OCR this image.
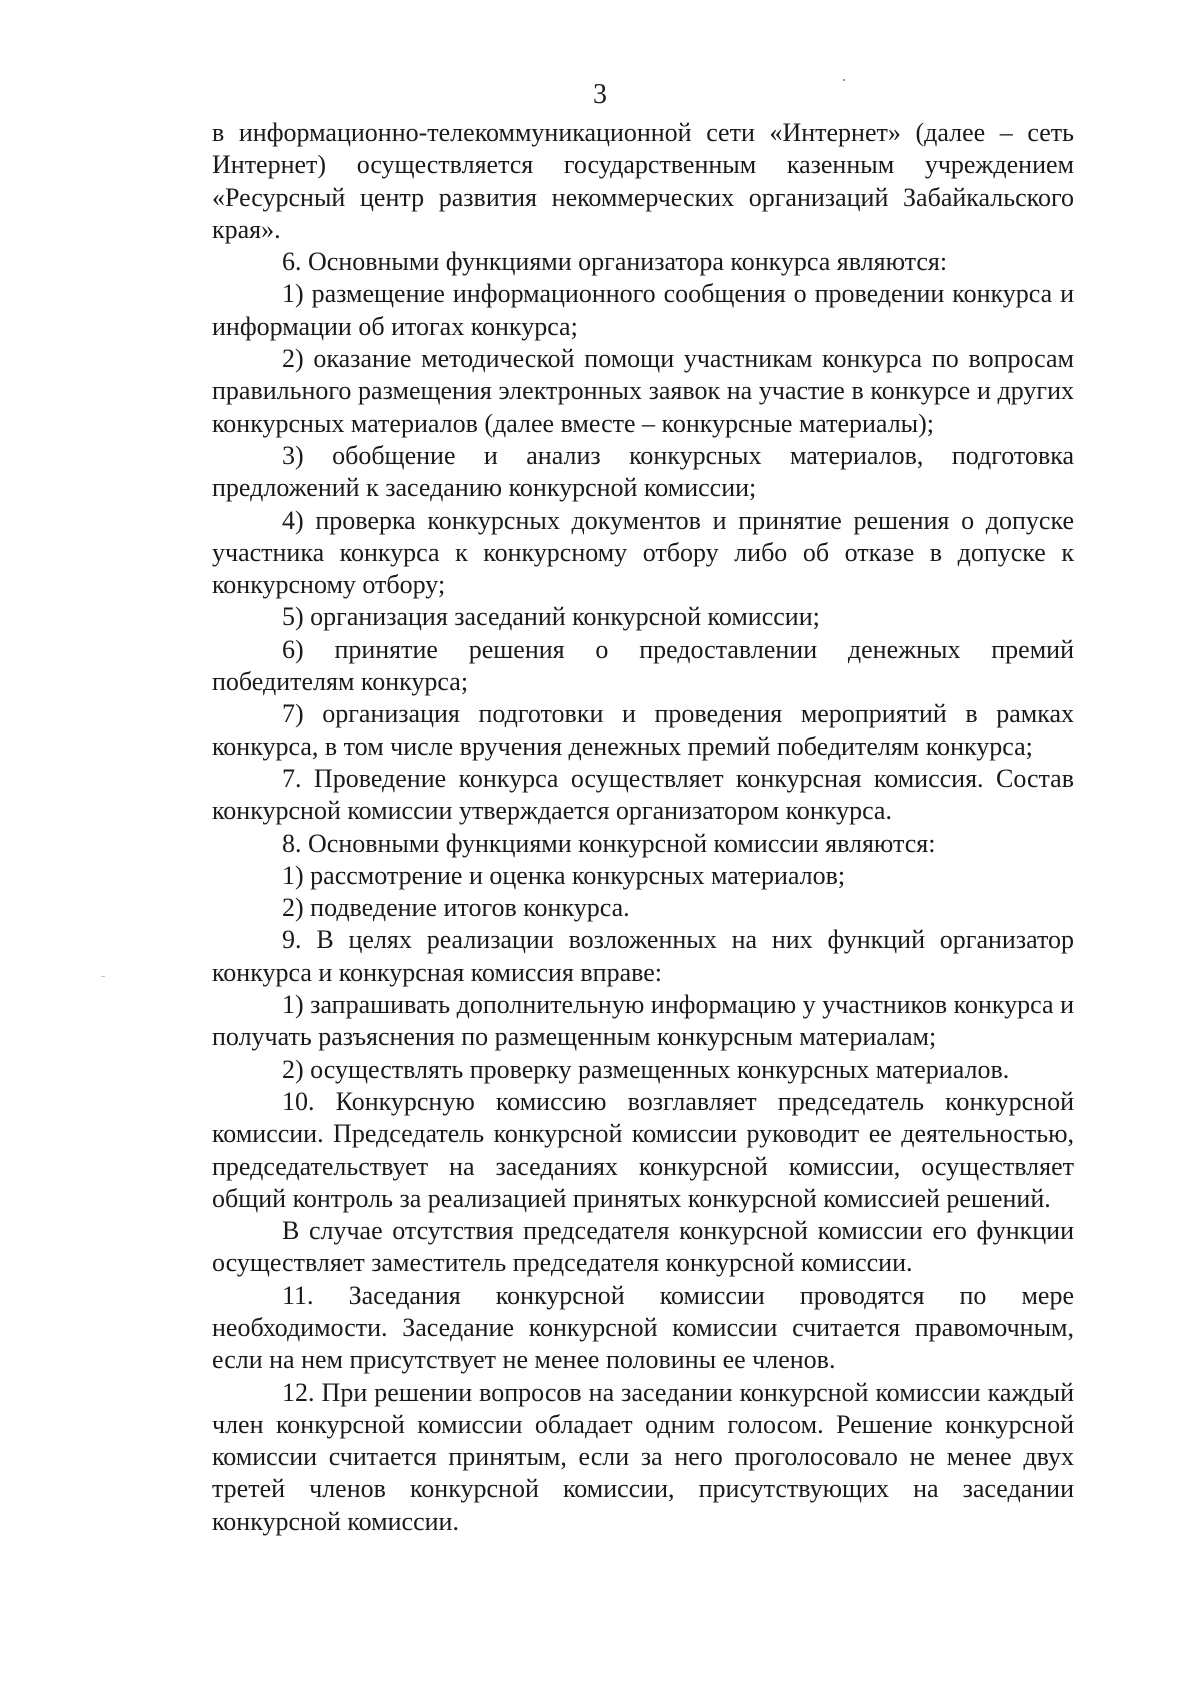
3

в информационно-телекоммуникационной сети «Интернет» (далее – сеть Интернет) осуществляется государственным казенным учреждением «Ресурсный центр развития некоммерческих организаций Забайкальского края».

6. Основными функциями организатора конкурса являются:

1) размещение информационного сообщения о проведении конкурса и информации об итогах конкурса;

2) оказание методической помощи участникам конкурса по вопросам правильного размещения электронных заявок на участие в конкурсе и других конкурсных материалов (далее вместе – конкурсные материалы);

3) обобщение и анализ конкурсных материалов, подготовка предложений к заседанию конкурсной комиссии;

4) проверка конкурсных документов и принятие решения о допуске участника конкурса к конкурсному отбору либо об отказе в допуске к конкурсному отбору;

5) организация заседаний конкурсной комиссии;

6) принятие решения о предоставлении денежных премий победителям конкурса;

7) организация подготовки и проведения мероприятий в рамках конкурса, в том числе вручения денежных премий победителям конкурса;

7. Проведение конкурса осуществляет конкурсная комиссия. Состав конкурсной комиссии утверждается организатором конкурса.

8. Основными функциями конкурсной комиссии являются:

1) рассмотрение и оценка конкурсных материалов;

2) подведение итогов конкурса.

9. В целях реализации возложенных на них функций организатор конкурса и конкурсная комиссия вправе:

1) запрашивать дополнительную информацию у участников конкурса и получать разъяснения по размещенным конкурсным материалам;

2) осуществлять проверку размещенных конкурсных материалов.

10. Конкурсную комиссию возглавляет председатель конкурсной комиссии. Председатель конкурсной комиссии руководит ее деятельностью, председательствует на заседаниях конкурсной комиссии, осуществляет общий контроль за реализацией принятых конкурсной комиссией решений.

В случае отсутствия председателя конкурсной комиссии его функции осуществляет заместитель председателя конкурсной комиссии.

11. Заседания конкурсной комиссии проводятся по мере необходимости. Заседание конкурсной комиссии считается правомочным, если на нем присутствует не менее половины ее членов.

12. При решении вопросов на заседании конкурсной комиссии каждый член конкурсной комиссии обладает одним голосом. Решение конкурсной комиссии считается принятым, если за него проголосовало не менее двух третей членов конкурсной комиссии, присутствующих на заседании конкурсной комиссии.
